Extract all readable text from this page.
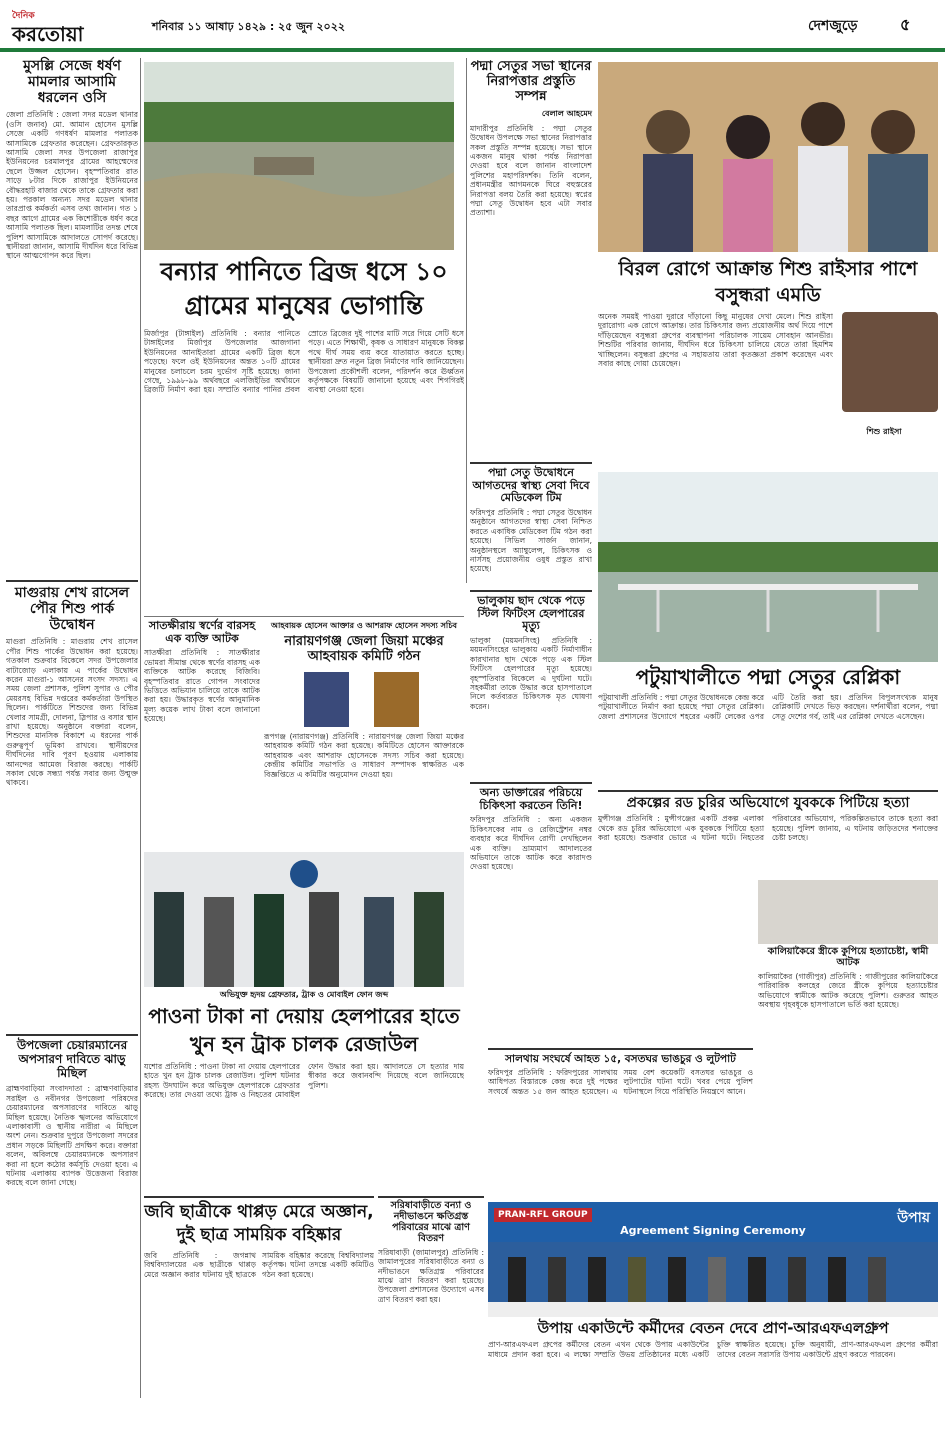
দৈনিক
করতোয়া	শনিবার ১১ আষাঢ় ১৪২৯ : ২৫ জুন ২০২২	দেশজুড়ে	৫
মুসল্লি সেজে ধর্ষণ মামলার আসামি ধরলেন ওসি
জেলা প্রতিনিধি : জেলা সদর মডেল থানার (ওসি জনাব) মো. আমান হোসেন মুসল্লি সেজে একটি গণধর্ষণ মামলার পলাতক আসামিকে গ্রেফতার করেছেন। গ্রেফতারকৃত আসামি জেলা সদর উপজেলা রাজাপুর ইউনিয়নের চরমালপুর গ্রামের আহম্মেদের ছেলে উজ্জল হোসেন। বৃহস্পতিবার রাত সাড়ে ৮টার দিকে রাজাপুর ইউনিয়নের বৌদ্ধরহাট বাজার থেকে তাকে গ্রেফতার করা হয়। পরকাল অন্যন্য সদর মডেল থানার তারপ্রাপ্ত কর্মকর্তা এসব তথ্য জানান। গত ১ বছর আগে গ্রামের এক কিশোরীকে ধর্ষণ করে আসামি পলাতক ছিল। মামলাটির তদন্ত শেষে পুলিশ আসামিকে আদালতে সোপর্দ করেছে। স্থানীয়রা জানান, আসামি দীর্ঘদিন ধরে বিভিন্ন স্থানে আত্মগোপন করে ছিল।
মাগুরায় শেখ রাসেল পৌর শিশু পার্ক উদ্বোধন
মাগুরা প্রতিনিধি : মাগুরায় শেখ রাসেল পৌর শিশু পার্কের উদ্বোধন করা হয়েছে। গতকাল শুক্রবার বিকেলে সদর উপজেলার বাটাজোড় এলাকায় এ পার্কের উদ্বোধন করেন মাগুরা-১ আসনের সংসদ সদস্য। এ সময় জেলা প্রশাসক, পুলিশ সুপার ও পৌর মেয়রসহ বিভিন্ন দপ্তরের কর্মকর্তারা উপস্থিত ছিলেন। পার্কটিতে শিশুদের জন্য বিভিন্ন খেলার সামগ্রী, দোলনা, স্লিপার ও বসার স্থান রাখা হয়েছে। অনুষ্ঠানে বক্তারা বলেন, শিশুদের মানসিক বিকাশে এ ধরনের পার্ক গুরুত্বপূর্ণ ভূমিকা রাখবে। স্থানীয়দের দীর্ঘদিনের দাবি পূরণ হওয়ায় এলাকায় আনন্দের আমেজ বিরাজ করছে। পার্কটি সকাল থেকে সন্ধ্যা পর্যন্ত সবার জন্য উন্মুক্ত থাকবে।
উপজেলা চেয়ারম্যানের অপসারণ দাবিতে ঝাড়ু মিছিল
ব্রাহ্মণবাড়িয়া সংবাদদাতা : ব্রাহ্মণবাড়িয়ার সরাইল ও নবীনগর উপজেলা পরিষদের চেয়ারম্যানের অপসারণের দাবিতে ঝাড়ু মিছিল হয়েছে। নৈতিক স্খলনের অভিযোগে এলাকাবাসী ও স্থানীয় নারীরা এ মিছিলে অংশ নেন। শুক্রবার দুপুরে উপজেলা সদরের প্রধান সড়কে মিছিলটি প্রদক্ষিণ করে। বক্তারা বলেন, অবিলম্বে চেয়ারম্যানকে অপসারণ করা না হলে কঠোর কর্মসূচি দেওয়া হবে। এ ঘটনায় এলাকায় ব্যাপক উত্তেজনা বিরাজ করছে বলে জানা গেছে।
বন্যার পানিতে ব্রিজ ধসে ১০ গ্রামের মানুষের ভোগান্তি
মির্জাপুর (টাঙ্গাইল) প্রতিনিধি : বন্যার পানিতে টাঙ্গাইলের মির্জাপুর উপজেলার আজগানা ইউনিয়নের আনাইতারা গ্রামের একটি ব্রিজ ধসে পড়েছে। ফলে ওই ইউনিয়নের অন্তত ১০টি গ্রামের মানুষের চলাচলে চরম দুর্ভোগ সৃষ্টি হয়েছে। জানা গেছে, ১৯৯৮-৯৯ অর্থবছরে এলজিইডির অর্থায়নে ব্রিজটি নির্মাণ করা হয়। সম্প্রতি বন্যার পানির প্রবল স্রোতে ব্রিজের দুই পাশের মাটি সরে গিয়ে সেটি ধসে পড়ে। এতে শিক্ষার্থী, কৃষক ও সাধারণ মানুষকে বিকল্প পথে দীর্ঘ সময় ব্যয় করে যাতায়াত করতে হচ্ছে। স্থানীয়রা দ্রুত নতুন ব্রিজ নির্মাণের দাবি জানিয়েছেন। উপজেলা প্রকৌশলী বলেন, পরিদর্শন করে ঊর্ধ্বতন কর্তৃপক্ষকে বিষয়টি জানানো হয়েছে এবং শিগগিরই ব্যবস্থা নেওয়া হবে।
পদ্মা সেতুর সভা স্থানের নিরাপত্তার প্রস্তুতি সম্পন্ন
বেলাল আহমেদ
মাদারীপুর প্রতিনিধি : পদ্মা সেতুর উদ্বোধন উপলক্ষে সভা স্থানের নিরাপত্তার সকল প্রস্তুতি সম্পন্ন হয়েছে। সভা স্থানে একজন মানুষ থাকা পর্যন্ত নিরাপত্তা দেওয়া হবে বলে জানান বাংলাদেশ পুলিশের মহাপরিদর্শক। তিনি বলেন, প্রধানমন্ত্রীর আগমনকে ঘিরে বহুস্তরের নিরাপত্তা বলয় তৈরি করা হয়েছে। স্বপ্নের পদ্মা সেতু উদ্বোধন হবে এটা সবার প্রত্যাশা।
বিরল রোগে আক্রান্ত শিশু রাইসার পাশে বসুন্ধরা এমডি
অনেক সময়ই পাওয়া দুরারে দাঁড়ানো কিছু মানুষের দেখা মেলে। শিশু রাইসা দুরারোগ্য এক রোগে আক্রান্ত। তার চিকিৎসার জন্য প্রয়োজনীয় অর্থ দিয়ে পাশে দাঁড়িয়েছেন বসুন্ধরা গ্রুপের ব্যবস্থাপনা পরিচালক সায়েম সোবহান আনভীর। শিশুটির পরিবার জানায়, দীর্ঘদিন ধরে চিকিৎসা চালিয়ে যেতে তারা হিমশিম খাচ্ছিলেন। বসুন্ধরা গ্রুপের এ সহায়তায় তারা কৃতজ্ঞতা প্রকাশ করেছেন এবং সবার কাছে দোয়া চেয়েছেন।
শিশু রাইসা
পদ্মা সেতু উদ্বোধনে আগতদের স্বাস্থ্য সেবা দিবে মেডিকেল টিম
ফরিদপুর প্রতিনিধি : পদ্মা সেতুর উদ্বোধন অনুষ্ঠানে আগতদের স্বাস্থ্য সেবা নিশ্চিত করতে একাধিক মেডিকেল টিম গঠন করা হয়েছে। সিভিল সার্জন জানান, অনুষ্ঠানস্থলে অ্যাম্বুলেন্স, চিকিৎসক ও নার্সসহ প্রয়োজনীয় ওষুধ প্রস্তুত রাখা হয়েছে।
ভালুকায় ছাদ থেকে পড়ে স্টিল ফিটিংস হেলপারের মৃত্যু
ভালুকা (ময়মনসিংহ) প্রতিনিধি : ময়মনসিংহের ভালুকায় একটি নির্মাণাধীন কারখানার ছাদ থেকে পড়ে এক স্টিল ফিটিংস হেলপারের মৃত্যু হয়েছে। বৃহস্পতিবার বিকেলে এ দুর্ঘটনা ঘটে। সহকর্মীরা তাকে উদ্ধার করে হাসপাতালে নিলে কর্তব্যরত চিকিৎসক মৃত ঘোষণা করেন।
অন্য ডাক্তারের পরিচয়ে চিকিৎসা করতেন তিনি!
ফরিদপুর প্রতিনিধি : অন্য একজন চিকিৎসকের নাম ও রেজিস্ট্রেশন নম্বর ব্যবহার করে দীর্ঘদিন রোগী দেখছিলেন এক ব্যক্তি। ভ্রাম্যমাণ আদালতের অভিযানে তাকে আটক করে কারাদণ্ড দেওয়া হয়েছে।
পটুয়াখালীতে পদ্মা সেতুর রেপ্লিকা
পটুয়াখালী প্রতিনিধি : পদ্মা সেতুর উদ্বোধনকে কেন্দ্র করে পটুয়াখালীতে নির্মাণ করা হয়েছে পদ্মা সেতুর রেপ্লিকা। জেলা প্রশাসনের উদ্যোগে শহরের একটি লেকের ওপর এটি তৈরি করা হয়। প্রতিদিন বিপুলসংখ্যক মানুষ রেপ্লিকাটি দেখতে ভিড় করছেন। দর্শনার্থীরা বলেন, পদ্মা সেতু দেশের গর্ব, তাই এর রেপ্লিকা দেখতে এসেছেন।
সাতক্ষীরায় স্বর্ণের বারসহ এক ব্যক্তি আটক
সাতক্ষীরা প্রতিনিধি : সাতক্ষীরার ভোমরা সীমান্ত থেকে স্বর্ণের বারসহ এক ব্যক্তিকে আটক করেছে বিজিবি। বৃহস্পতিবার রাতে গোপন সংবাদের ভিত্তিতে অভিযান চালিয়ে তাকে আটক করা হয়। উদ্ধারকৃত স্বর্ণের আনুমানিক মূল্য কয়েক লাখ টাকা বলে জানানো হয়েছে।
আহবায়ক হোসেন আক্তার ও আশরাফ হোসেন সদস্য সচিব
নারায়ণগঞ্জ জেলা জিয়া মঞ্চের আহবায়ক কমিটি গঠন
রূপগঞ্জ (নারায়ণগঞ্জ) প্রতিনিধি : নারায়ণগঞ্জ জেলা জিয়া মঞ্চের আহবায়ক কমিটি গঠন করা হয়েছে। কমিটিতে হোসেন আক্তারকে আহবায়ক এবং আশরাফ হোসেনকে সদস্য সচিব করা হয়েছে। কেন্দ্রীয় কমিটির সভাপতি ও সাধারণ সম্পাদক স্বাক্ষরিত এক বিজ্ঞপ্তিতে এ কমিটির অনুমোদন দেওয়া হয়।
অভিযুক্ত হৃদয় গ্রেফতার, ট্রাক ও মোবাইল ফোন জব্দ
পাওনা টাকা না দেয়ায় হেলপারের হাতে খুন হন ট্রাক চালক রেজাউল
যশোর প্রতিনিধি : পাওনা টাকা না দেয়ায় হেলপারের হাতে খুন হন ট্রাক চালক রেজাউল। পুলিশ ঘটনার রহস্য উদঘাটন করে অভিযুক্ত হেলপারকে গ্রেফতার করেছে। তার দেওয়া তথ্যে ট্রাক ও নিহতের মোবাইল ফোন উদ্ধার করা হয়। আদালতে সে হত্যার দায় স্বীকার করে জবানবন্দি দিয়েছে বলে জানিয়েছে পুলিশ।
জবি ছাত্রীকে থাপ্পড় মেরে অজ্ঞান, দুই ছাত্র সাময়িক বহিষ্কার
জবি প্রতিনিধি : জগন্নাথ বিশ্ববিদ্যালয়ের এক ছাত্রীকে থাপ্পড় মেরে অজ্ঞান করার ঘটনায় দুই ছাত্রকে সাময়িক বহিষ্কার করেছে বিশ্ববিদ্যালয় কর্তৃপক্ষ। ঘটনা তদন্তে একটি কমিটিও গঠন করা হয়েছে।
সরিষাবাড়ীতে বন্যা ও নদীভাঙনে ক্ষতিগ্রস্ত পরিবারের মাঝে ত্রাণ বিতরণ
সরিষাবাড়ী (জামালপুর) প্রতিনিধি : জামালপুরের সরিষাবাড়ীতে বন্যা ও নদীভাঙনে ক্ষতিগ্রস্ত পরিবারের মাঝে ত্রাণ বিতরণ করা হয়েছে। উপজেলা প্রশাসনের উদ্যোগে এসব ত্রাণ বিতরণ করা হয়।
প্রকল্পের রড চুরির অভিযোগে যুবককে পিটিয়ে হত্যা
মুন্সীগঞ্জ প্রতিনিধি : মুন্সীগঞ্জের একটি প্রকল্প এলাকা থেকে রড চুরির অভিযোগে এক যুবককে পিটিয়ে হত্যা করা হয়েছে। শুক্রবার ভোরে এ ঘটনা ঘটে। নিহতের পরিবারের অভিযোগ, পরিকল্পিতভাবে তাকে হত্যা করা হয়েছে। পুলিশ জানায়, এ ঘটনায় জড়িতদের শনাক্তের চেষ্টা চলছে।
কালিয়াকৈরে স্ত্রীকে কুপিয়ে হত্যাচেষ্টা, স্বামী আটক
কালিয়াকৈর (গাজীপুর) প্রতিনিধি : গাজীপুরের কালিয়াকৈরে পারিবারিক কলহের জেরে স্ত্রীকে কুপিয়ে হত্যাচেষ্টার অভিযোগে স্বামীকে আটক করেছে পুলিশ। গুরুতর আহত অবস্থায় গৃহবধূকে হাসপাতালে ভর্তি করা হয়েছে।
সালথায় সংঘর্ষে আহত ১৫, বসতঘর ভাঙচুর ও লুটপাট
ফরিদপুর প্রতিনিধি : ফরিদপুরের সালথায় আধিপত্য বিস্তারকে কেন্দ্র করে দুই পক্ষের সংঘর্ষে অন্তত ১৫ জন আহত হয়েছেন। এ সময় বেশ কয়েকটি বসতঘর ভাঙচুর ও লুটপাটের ঘটনা ঘটে। খবর পেয়ে পুলিশ ঘটনাস্থলে গিয়ে পরিস্থিতি নিয়ন্ত্রণে আনে।
PRAN-RFL GROUP	উপায়
Agreement Signing Ceremony
উপায় একাউন্টে কর্মীদের বেতন দেবে প্রাণ-আরএফএলগ্রুপ
প্রাণ-আরএফএল গ্রুপের কর্মীদের বেতন এখন থেকে উপায় একাউন্টের মাধ্যমে প্রদান করা হবে। এ লক্ষ্যে সম্প্রতি উভয় প্রতিষ্ঠানের মধ্যে একটি চুক্তি স্বাক্ষরিত হয়েছে। চুক্তি অনুযায়ী, প্রাণ-আরএফএল গ্রুপের কর্মীরা তাদের বেতন সরাসরি উপায় একাউন্টে গ্রহণ করতে পারবেন।
